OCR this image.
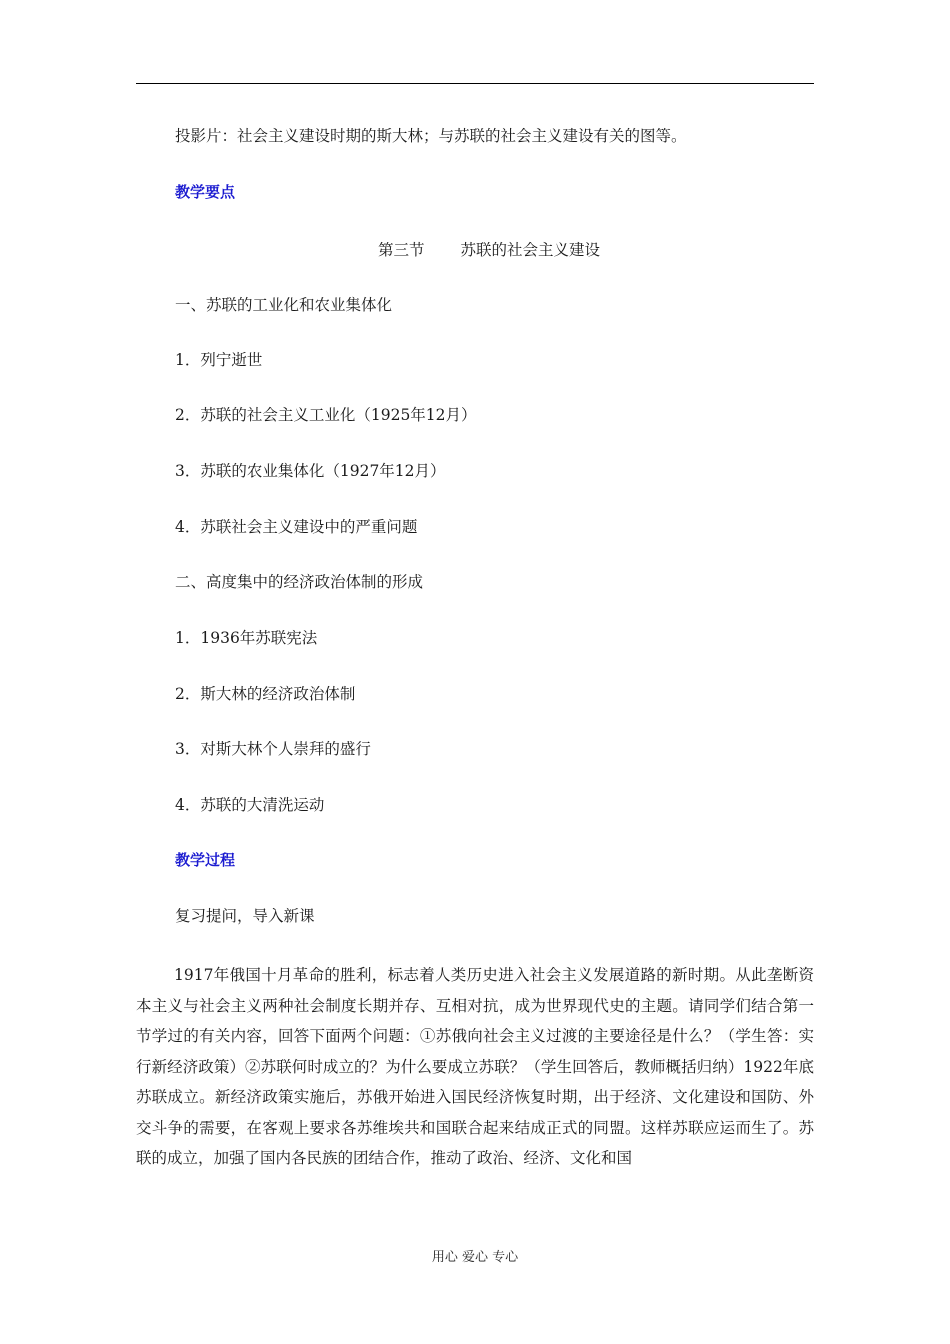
投影片：社会主义建设时期的斯大林；与苏联的社会主义建设有关的图等。
教学要点
第三节 苏联的社会主义建设
一、苏联的工业化和农业集体化
1．列宁逝世
2．苏联的社会主义工业化（1925年12月）
3．苏联的农业集体化（1927年12月）
4．苏联社会主义建设中的严重问题
二、高度集中的经济政治体制的形成
1．1936年苏联宪法
2．斯大林的经济政治体制
3．对斯大林个人崇拜的盛行
4．苏联的大清洗运动
教学过程
复习提问，导入新课
1917年俄国十月革命的胜利，标志着人类历史进入社会主义发展道路的新时期。从此垄断资本主义与社会主义两种社会制度长期并存、互相对抗，成为世界现代史的主题。请同学们结合第一节学过的有关内容，回答下面两个问题：①苏俄向社会主义过渡的主要途径是什么？（学生答：实行新经济政策）②苏联何时成立的？为什么要成立苏联？（学生回答后，教师概括归纳）1922年底苏联成立。新经济政策实施后，苏俄开始进入国民经济恢复时期，出于经济、文化建设和国防、外交斗争的需要，在客观上要求各苏维埃共和国联合起来结成正式的同盟。这样苏联应运而生了。苏联的成立，加强了国内各民族的团结合作，推动了政治、经济、文化和国
用心 爱心 专心
